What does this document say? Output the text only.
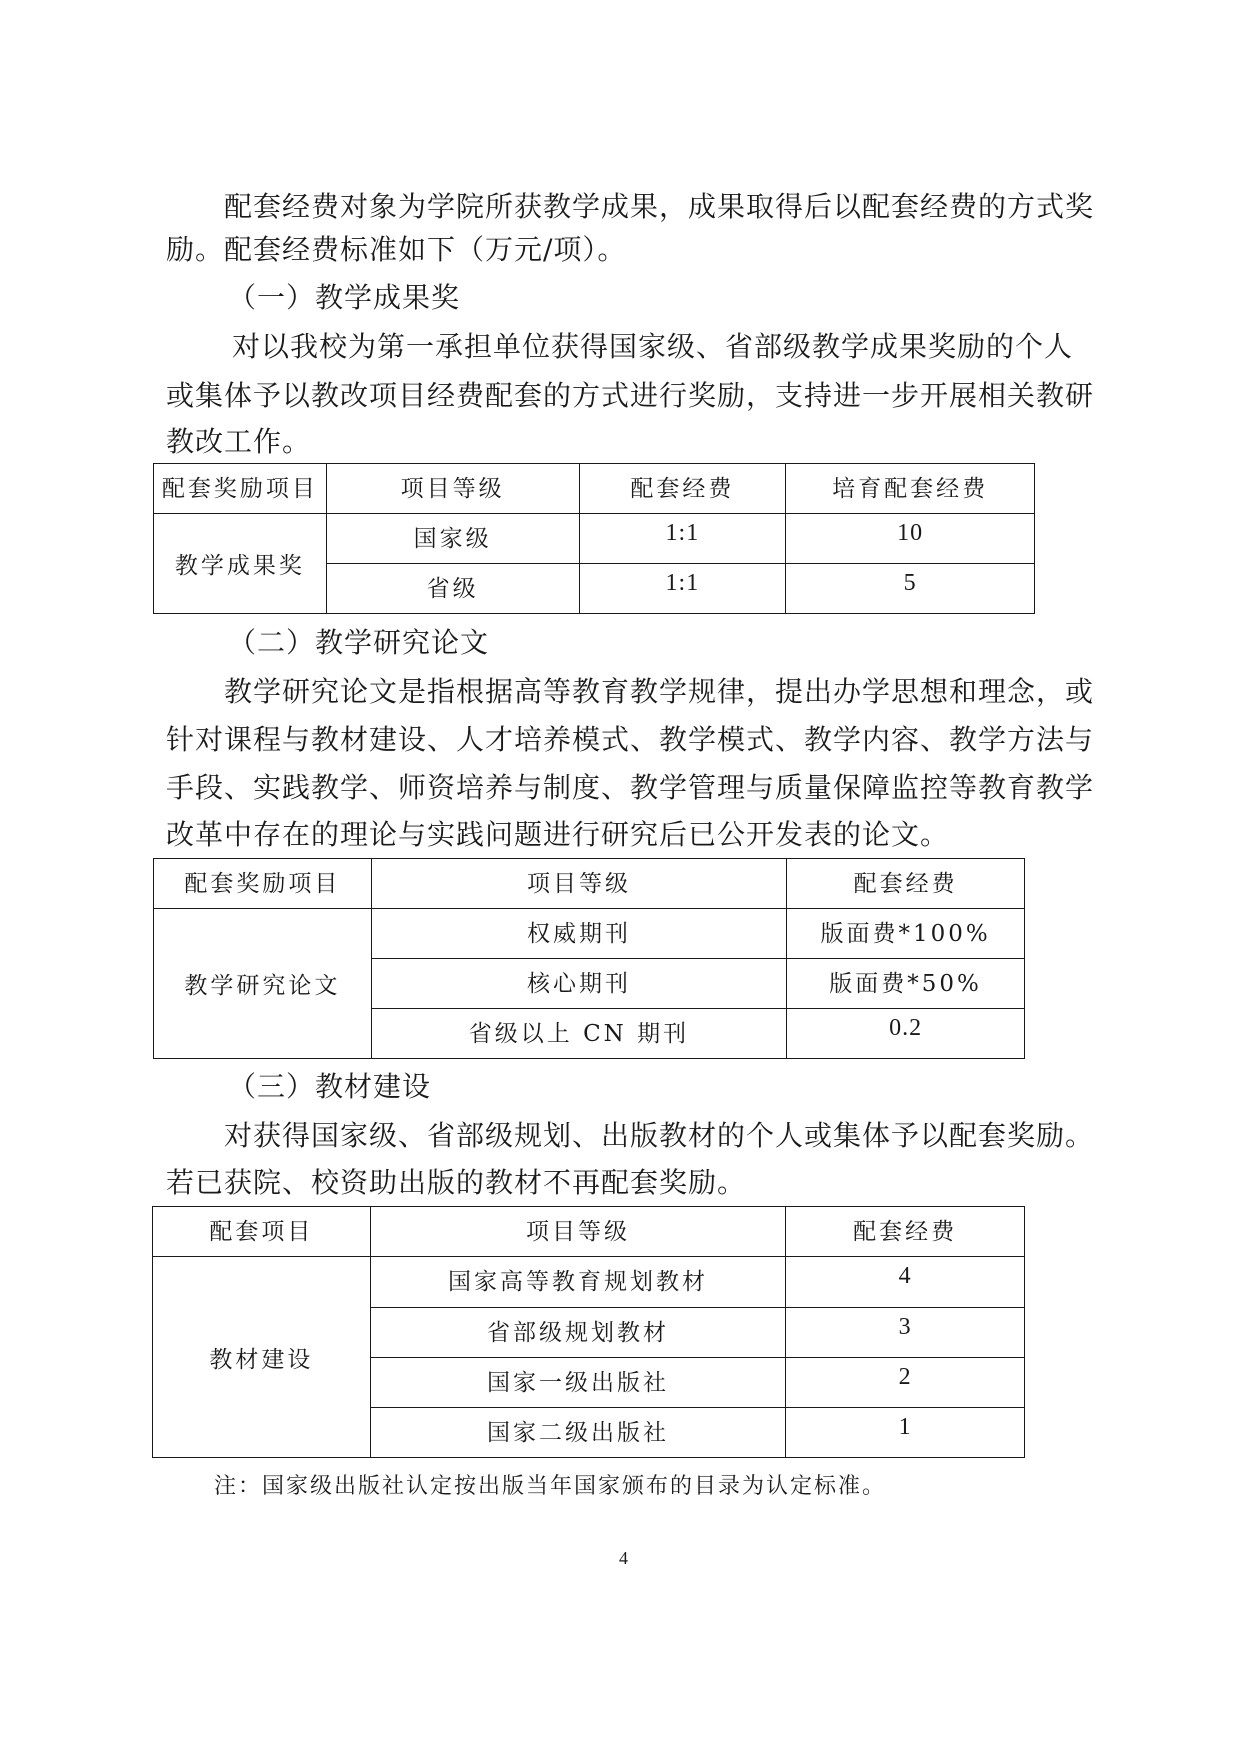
配套经费对象为学院所获教学成果，成果取得后以配套经费的方式奖

励。配套经费标准如下（万元/项）。

（一）教学成果奖

对以我校为第一承担单位获得国家级、省部级教学成果奖励的个人

或集体予以教改项目经费配套的方式进行奖励，支持进一步开展相关教研

教改工作。

配套奖励项目	项目等级	配套经费	培育配套经费
教学成果奖	国家级	1:1	10
	省级	1:1	5

（二）教学研究论文

教学研究论文是指根据高等教育教学规律，提出办学思想和理念，或

针对课程与教材建设、人才培养模式、教学模式、教学内容、教学方法与

手段、实践教学、师资培养与制度、教学管理与质量保障监控等教育教学

改革中存在的理论与实践问题进行研究后已公开发表的论文。

配套奖励项目	项目等级	配套经费
教学研究论文	权威期刊	版面费*100%
	核心期刊	版面费*50%
	省级以上 CN 期刊	0.2

（三）教材建设

对获得国家级、省部级规划、出版教材的个人或集体予以配套奖励。

若已获院、校资助出版的教材不再配套奖励。

配套项目	项目等级	配套经费
教材建设	国家高等教育规划教材	4
	省部级规划教材	3
	国家一级出版社	2
	国家二级出版社	1

注：国家级出版社认定按出版当年国家颁布的目录为认定标准。

4
